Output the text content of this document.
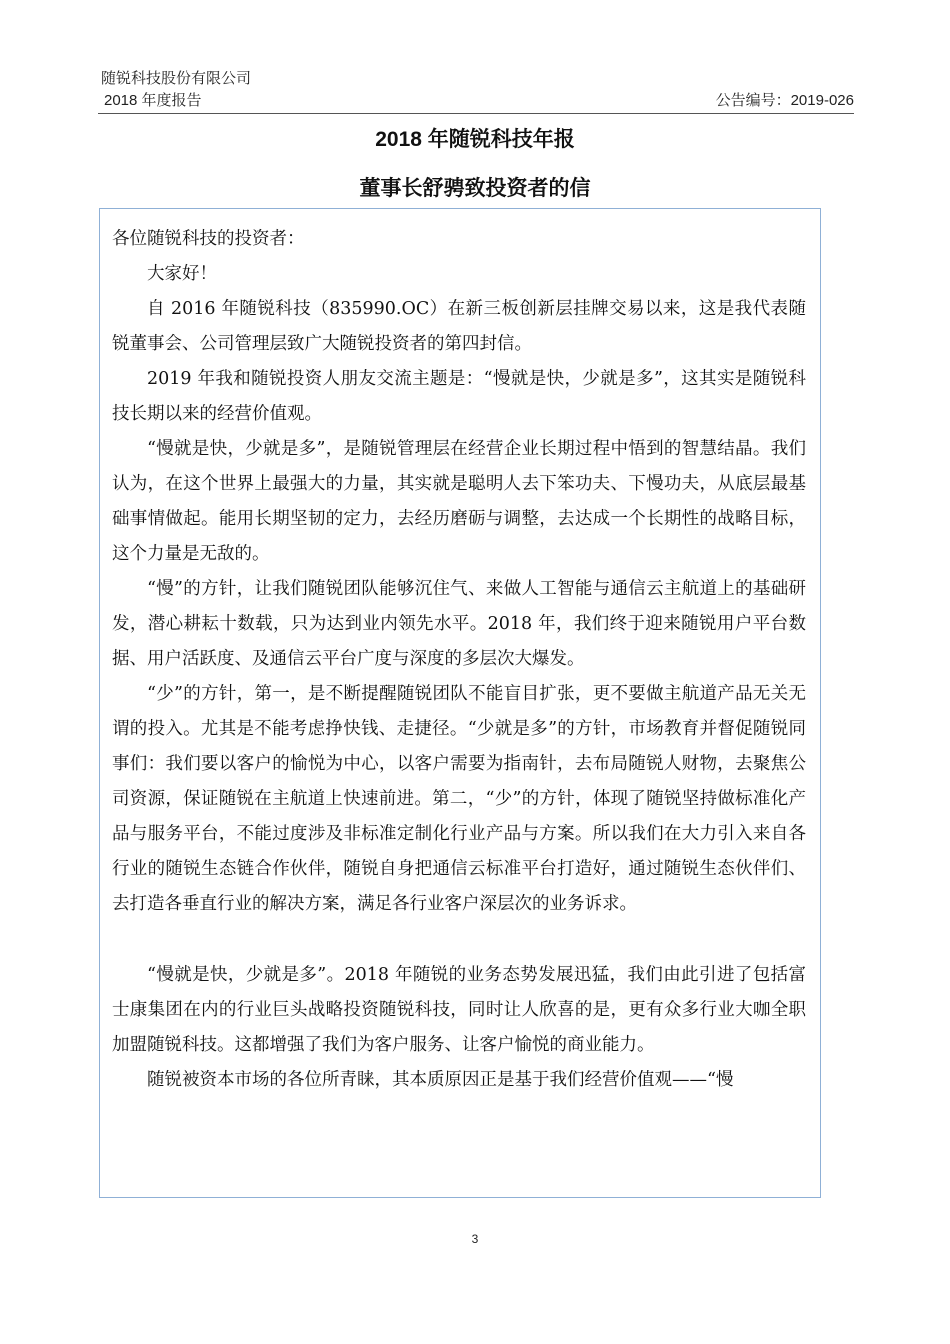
随锐科技股份有限公司
2018 年度报告	公告编号：2019-026
2018 年随锐科技年报
董事长舒骋致投资者的信

各位随锐科技的投资者：

大家好！

自 2016 年随锐科技（835990.OC）在新三板创新层挂牌交易以来，这是我代表随锐董事会、公司管理层致广大随锐投资者的第四封信。

2019 年我和随锐投资人朋友交流主题是：“慢就是快，少就是多”，这其实是随锐科技长期以来的经营价值观。

“慢就是快，少就是多”，是随锐管理层在经营企业长期过程中悟到的智慧结晶。我们认为，在这个世界上最强大的力量，其实就是聪明人去下笨功夫、下慢功夫，从底层最基础事情做起。能用长期坚韧的定力，去经历磨砺与调整，去达成一个长期性的战略目标，这个力量是无敌的。

“慢”的方针，让我们随锐团队能够沉住气、来做人工智能与通信云主航道上的基础研发，潜心耕耘十数载，只为达到业内领先水平。2018 年，我们终于迎来随锐用户平台数据、用户活跃度、及通信云平台广度与深度的多层次大爆发。

“少”的方针，第一，是不断提醒随锐团队不能盲目扩张，更不要做主航道产品无关无谓的投入。尤其是不能考虑挣快钱、走捷径。“少就是多”的方针，市场教育并督促随锐同事们：我们要以客户的愉悦为中心，以客户需要为指南针，去布局随锐人财物，去聚焦公司资源，保证随锐在主航道上快速前进。第二，“少”的方针，体现了随锐坚持做标准化产品与服务平台，不能过度涉及非标准定制化行业产品与方案。所以我们在大力引入来自各行业的随锐生态链合作伙伴，随锐自身把通信云标准平台打造好，通过随锐生态伙伴们、去打造各垂直行业的解决方案，满足各行业客户深层次的业务诉求。

“慢就是快，少就是多”。2018 年随锐的业务态势发展迅猛，我们由此引进了包括富士康集团在内的行业巨头战略投资随锐科技，同时让人欣喜的是，更有众多行业大咖全职加盟随锐科技。这都增强了我们为客户服务、让客户愉悦的商业能力。

随锐被资本市场的各位所青睐，其本质原因正是基于我们经营价值观——“慢

3
